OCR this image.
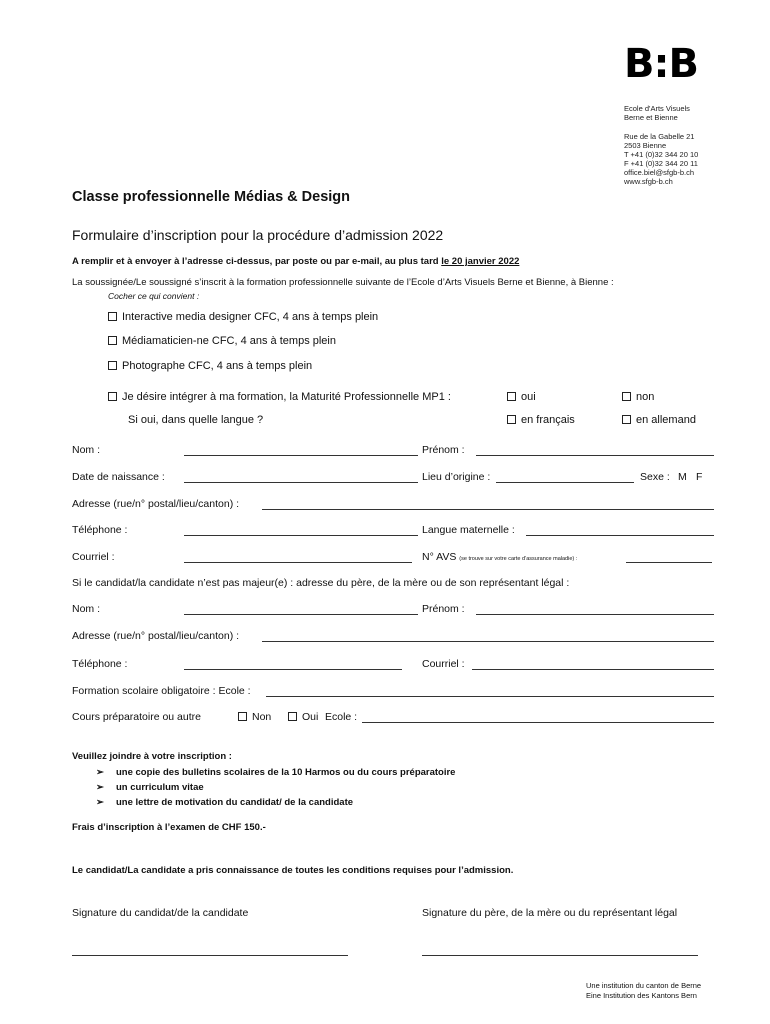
B:B
Ecole d'Arts Visuels
Berne et Bienne
Rue de la Gabelle 21
2503 Bienne
T +41 (0)32 344 20 10
F +41 (0)32 344 20 11
office.biel@sfgb-b.ch
www.sfgb-b.ch
Classe professionnelle Médias & Design
Formulaire d’inscription pour la procédure d’admission 2022
A remplir et à envoyer à l’adresse ci-dessus, par poste ou par e-mail, au plus tard le 20 janvier 2022
La soussignée/Le soussigné s’inscrit à la formation professionnelle suivante de l’Ecole d’Arts Visuels Berne et Bienne, à Bienne :
Cocher ce qui convient :
Interactive media designer CFC, 4 ans à temps plein
Médiamaticien-ne CFC, 4 ans à temps plein
Photographe CFC, 4 ans à temps plein
Je désire intégrer à ma formation, la Maturité Professionnelle MP1 :	oui	non
Si oui, dans quelle langue ?	en français	en allemand
Nom :	Prénom :
Date de naissance :	Lieu d’origine :	Sexe : M F
Adresse (rue/n° postal/lieu/canton) :
Téléphone :	Langue maternelle :
Courriel :	N° AVS (se trouve sur votre carte d’assurance maladie) :
Si le candidat/la candidate n’est pas majeur(e) : adresse du père, de la mère ou de son représentant légal :
Nom :	Prénom :
Adresse (rue/n° postal/lieu/canton) :
Téléphone :	Courriel :
Formation scolaire obligatoire : Ecole :
Cours préparatoire ou autre	Non	Oui Ecole :
Veuillez joindre à votre inscription :
➢ une copie des bulletins scolaires de la 10 Harmos ou du cours préparatoire
➢ un curriculum vitae
➢ une lettre de motivation du candidat/ de la candidate
Frais d’inscription à l’examen de CHF 150.-
Le candidat/La candidate a pris connaissance de toutes les conditions requises pour l’admission.
Signature du candidat/de la candidate	Signature du père, de la mère ou du représentant légal
Une institution du canton de Berne
Eine Institution des Kantons Bern
